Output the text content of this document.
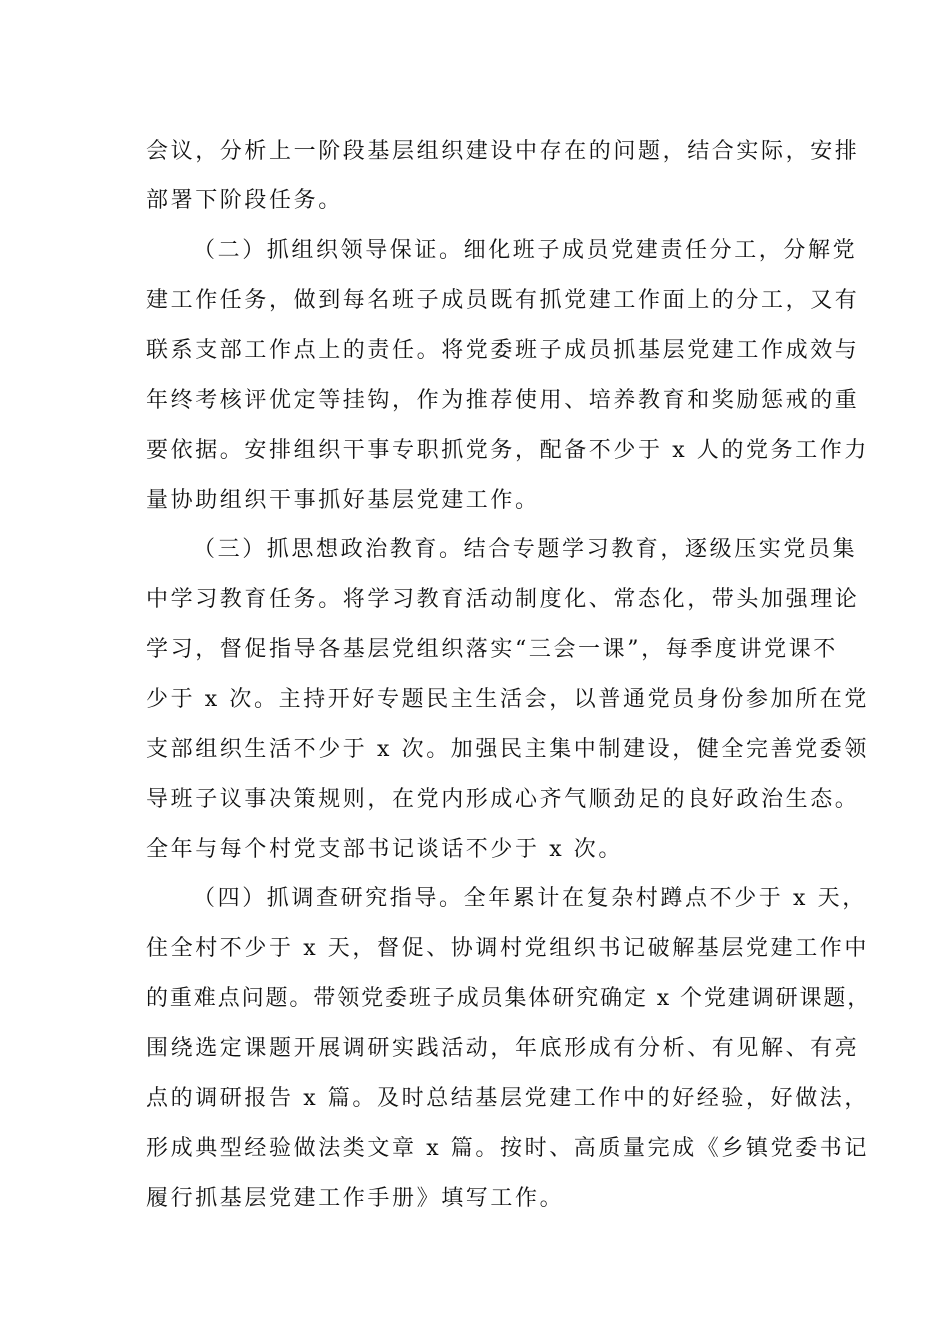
会议，分析上一阶段基层组织建设中存在的问题，结合实际，安排
部署下阶段任务。
（二）抓组织领导保证。细化班子成员党建责任分工，分解党
建工作任务，做到每名班子成员既有抓党建工作面上的分工，又有
联系支部工作点上的责任。将党委班子成员抓基层党建工作成效与
年终考核评优定等挂钩，作为推荐使用、培养教育和奖励惩戒的重
要依据。安排组织干事专职抓党务，配备不少于 x 人的党务工作力
量协助组织干事抓好基层党建工作。
（三）抓思想政治教育。结合专题学习教育，逐级压实党员集
中学习教育任务。将学习教育活动制度化、常态化，带头加强理论
学习，督促指导各基层党组织落实“三会一课”，每季度讲党课不
少于 x 次。主持开好专题民主生活会，以普通党员身份参加所在党
支部组织生活不少于 x 次。加强民主集中制建设，健全完善党委领
导班子议事决策规则，在党内形成心齐气顺劲足的良好政治生态。
全年与每个村党支部书记谈话不少于 x 次。
（四）抓调查研究指导。全年累计在复杂村蹲点不少于 x 天，
住全村不少于 x 天，督促、协调村党组织书记破解基层党建工作中
的重难点问题。带领党委班子成员集体研究确定 x 个党建调研课题，
围绕选定课题开展调研实践活动，年底形成有分析、有见解、有亮
点的调研报告 x 篇。及时总结基层党建工作中的好经验，好做法，
形成典型经验做法类文章 x 篇。按时、高质量完成《乡镇党委书记
履行抓基层党建工作手册》填写工作。
